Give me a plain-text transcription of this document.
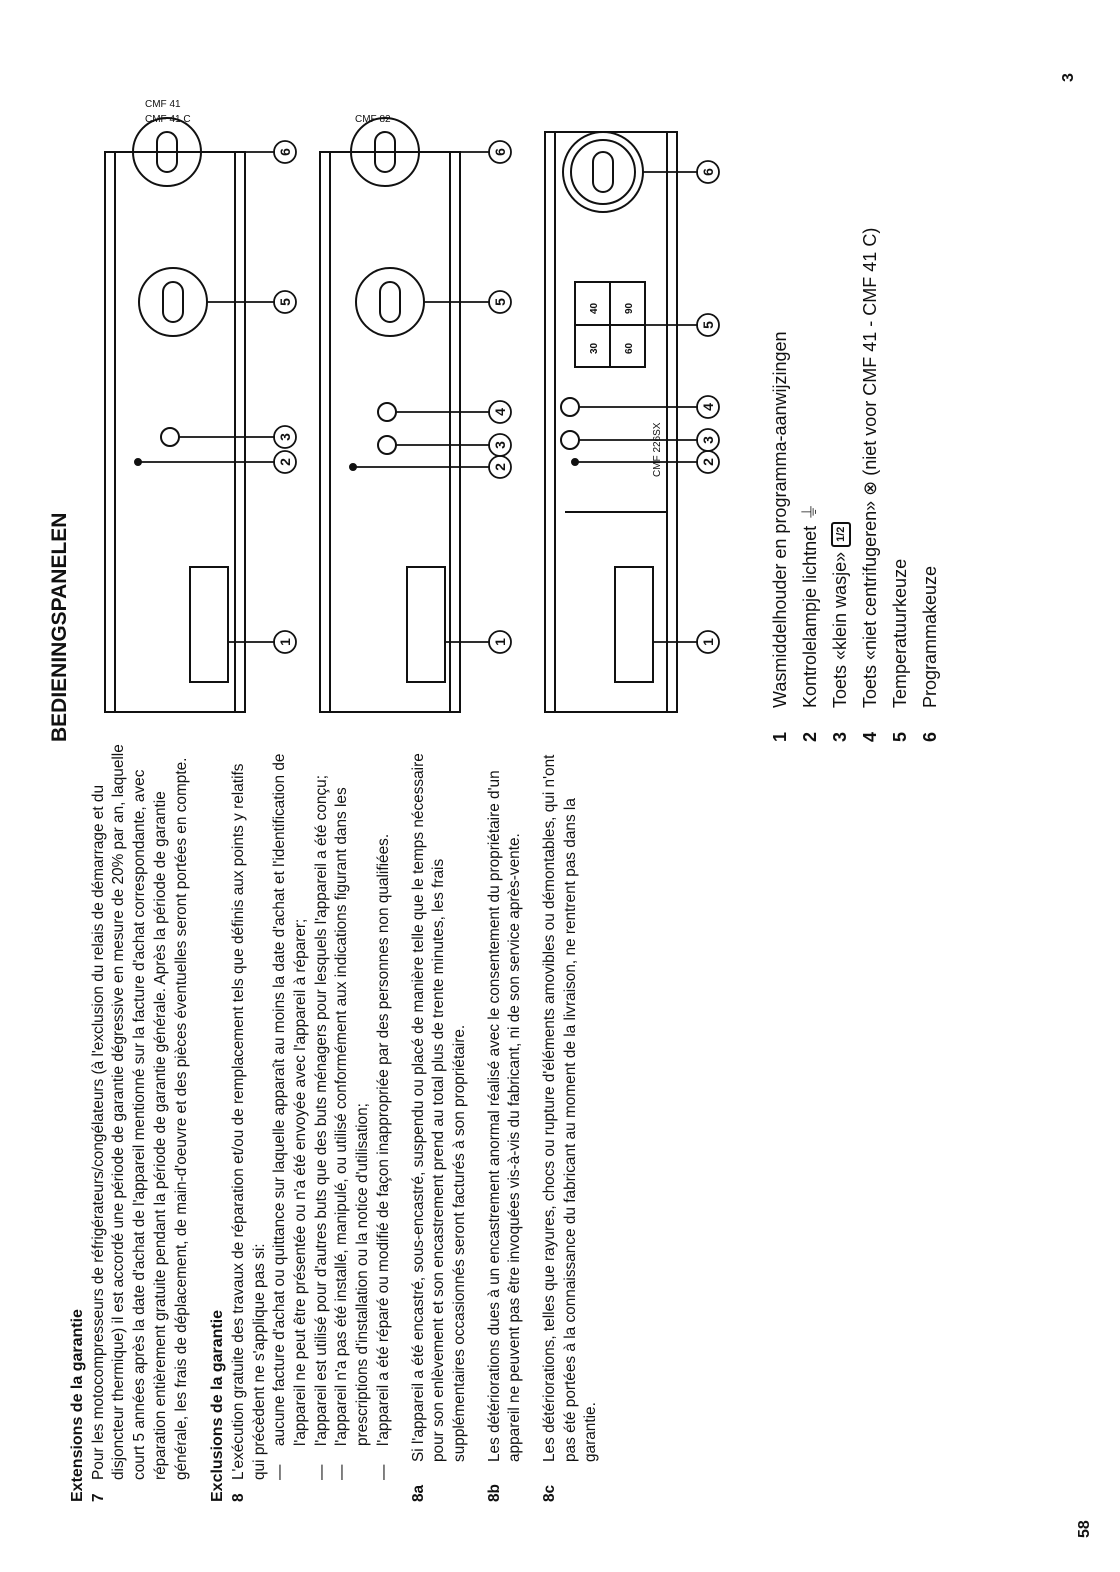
58
3
Extensions de la garantie 7
Pour les motocompresseurs de réfrigérateurs/congélateurs (à l'exclusion du relais de démarrage et du disjoncteur thermique) il est accordé une période de garantie dégressive en mesure de 20% par an, laquelle court 5 années après la date d'achat de l'appareil mentionné sur la facture d'achat correspondante, avec réparation entièrement gratuite pendant la période de garantie générale. Après la période de garantie générale, les frais de déplacement, de main-d'oeuvre et des pièces éventuelles seront portées en compte. Exclusions de la garantie 8
L'exécution gratuite des travaux de réparation et/ou de remplacement tels que définis aux points y relatifs qui précèdent ne s'applique pas si: —
aucune facture d'achat ou quittance sur laquelle apparaît au moins la date d'achat et l'identification de l'appareil ne peut être présentée ou n'a été envoyée avec l'appareil à réparer;
—
l'appareil est utilisé pour d'autres buts que des buts ménagers pour lesquels l'appareil a été conçu;
—
l'appareil n'a pas été installé, manipulé, ou utilisé conformément aux indications figurant dans les prescriptions d'installation ou la notice d'utilisation;
—
l'appareil a été réparé ou modifié de façon inappropriée par des personnes non qualifiées.
8a
Si l'appareil a été encastré, sous-encastré, suspendu ou placé de manière telle que le temps nécessaire pour son enlèvement et son encastrement prend au total plus de trente minutes, les frais supplémentaires occasionnés seront facturés à son propriétaire.
8b
Les détériorations dues à un encastrement anormal réalisé avec le consentement du propriétaire d'un appareil ne peuvent pas être invoquées vis-à-vis du fabricant, ni de son service après-vente.
8c
Les détériorations, telles que rayures, chocs ou rupture d'éléments amovibles ou démontables, qui n'ont pas été portées à la connaissance du fabricant au moment de la livraison, ne rentrent pas dans la garantie.
BEDIENINGSPANELEN
CMF 41
CMF 41 C	CMF 82
CMF 226SX
30
40
60
90
1
2
3
5
6
1
2
3
4
5
6
1
2
3
4
5
6
1
Wasmiddelhouder en programma-aanwijzingen
2
Kontrolelampje lichtnet ⏚
3
Toets «klein wasje» 1/2
4
Toets «niet centrifugeren» ⊗ (niet voor CMF 41 - CMF 41 C)
5
Temperatuurkeuze
6
Programmakeuze
